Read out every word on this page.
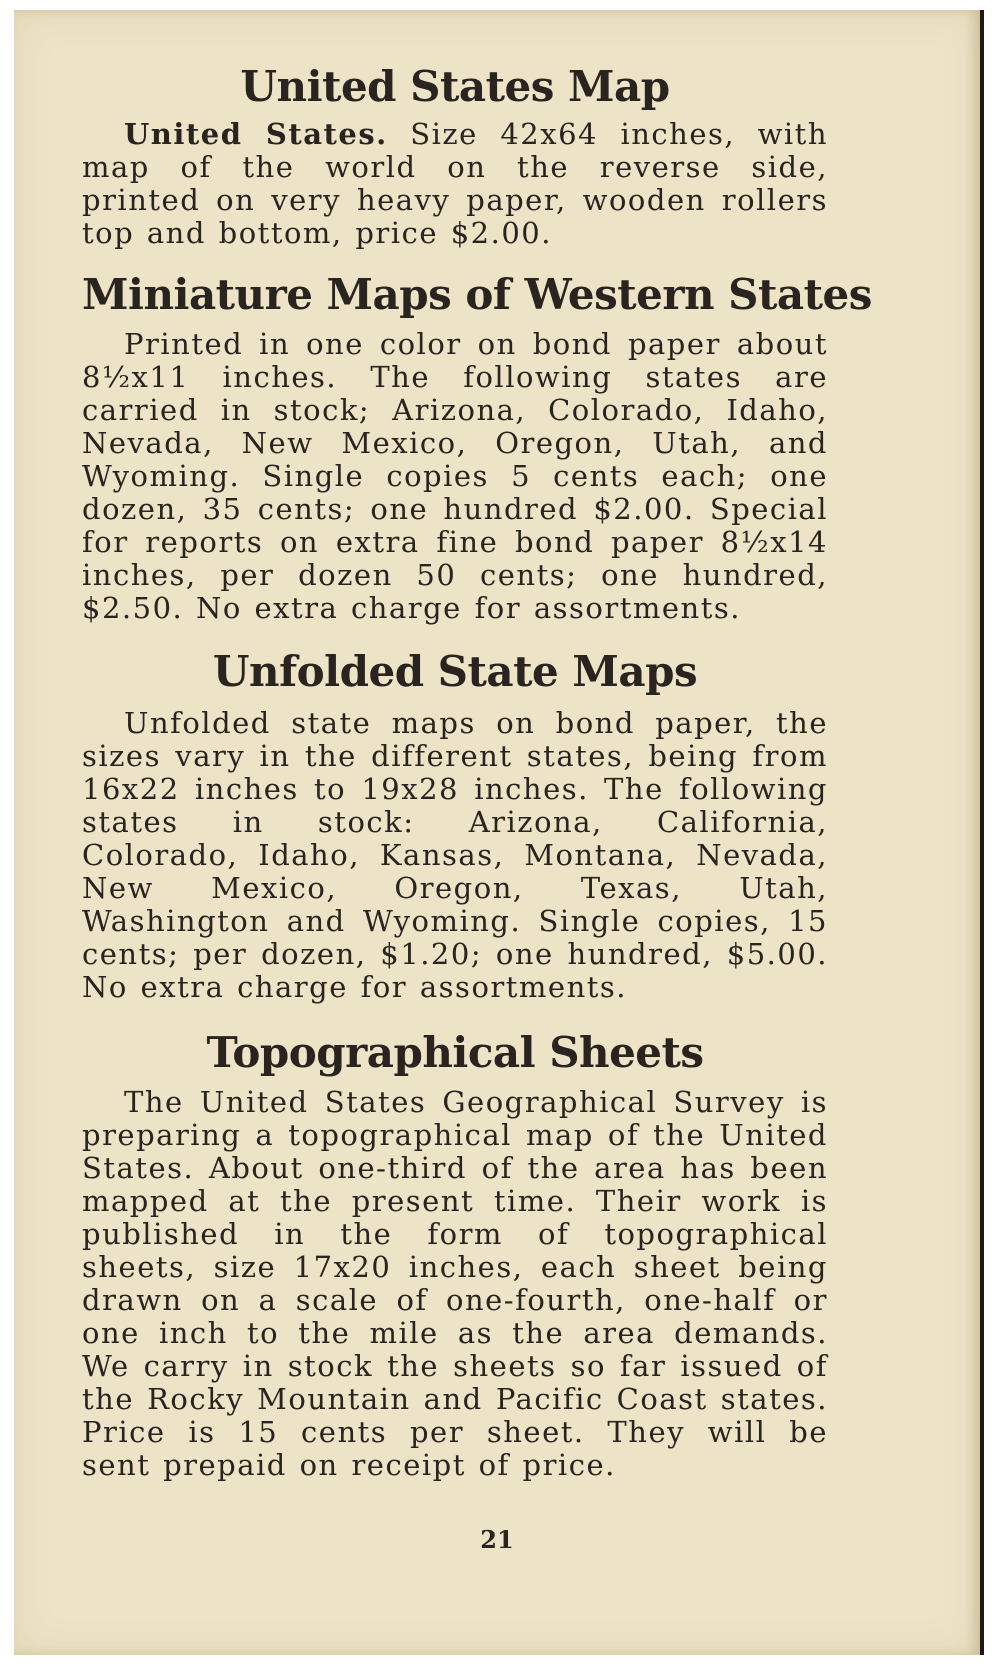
United States Map

United States. Size 42x64 inches, with map of the world on the reverse side, printed on very heavy paper, wooden rollers top and bottom, price $2.00.

Miniature Maps of Western States

Printed in one color on bond paper about 8½x11 inches. The following states are carried in stock; Arizona, Colorado, Idaho, Nevada, New Mexico, Oregon, Utah, and Wyoming. Single copies 5 cents each; one dozen, 35 cents; one hundred $2.00. Special for reports on extra fine bond paper 8½x14 inches, per dozen 50 cents; one hundred, $2.50. No extra charge for assortments.

Unfolded State Maps

Unfolded state maps on bond paper, the sizes vary in the different states, being from 16x22 inches to 19x28 inches. The following states in stock: Arizona, California, Colorado, Idaho, Kansas, Montana, Nevada, New Mexico, Oregon, Texas, Utah, Washington and Wyoming. Single copies, 15 cents; per dozen, $1.20; one hundred, $5.00. No extra charge for assortments.

Topographical Sheets

The United States Geographical Survey is preparing a topographical map of the United States. About one-third of the area has been mapped at the present time. Their work is published in the form of topographical sheets, size 17x20 inches, each sheet being drawn on a scale of one-fourth, one-half or one inch to the mile as the area demands. We carry in stock the sheets so far issued of the Rocky Mountain and Pacific Coast states. Price is 15 cents per sheet. They will be sent prepaid on receipt of price.

21
